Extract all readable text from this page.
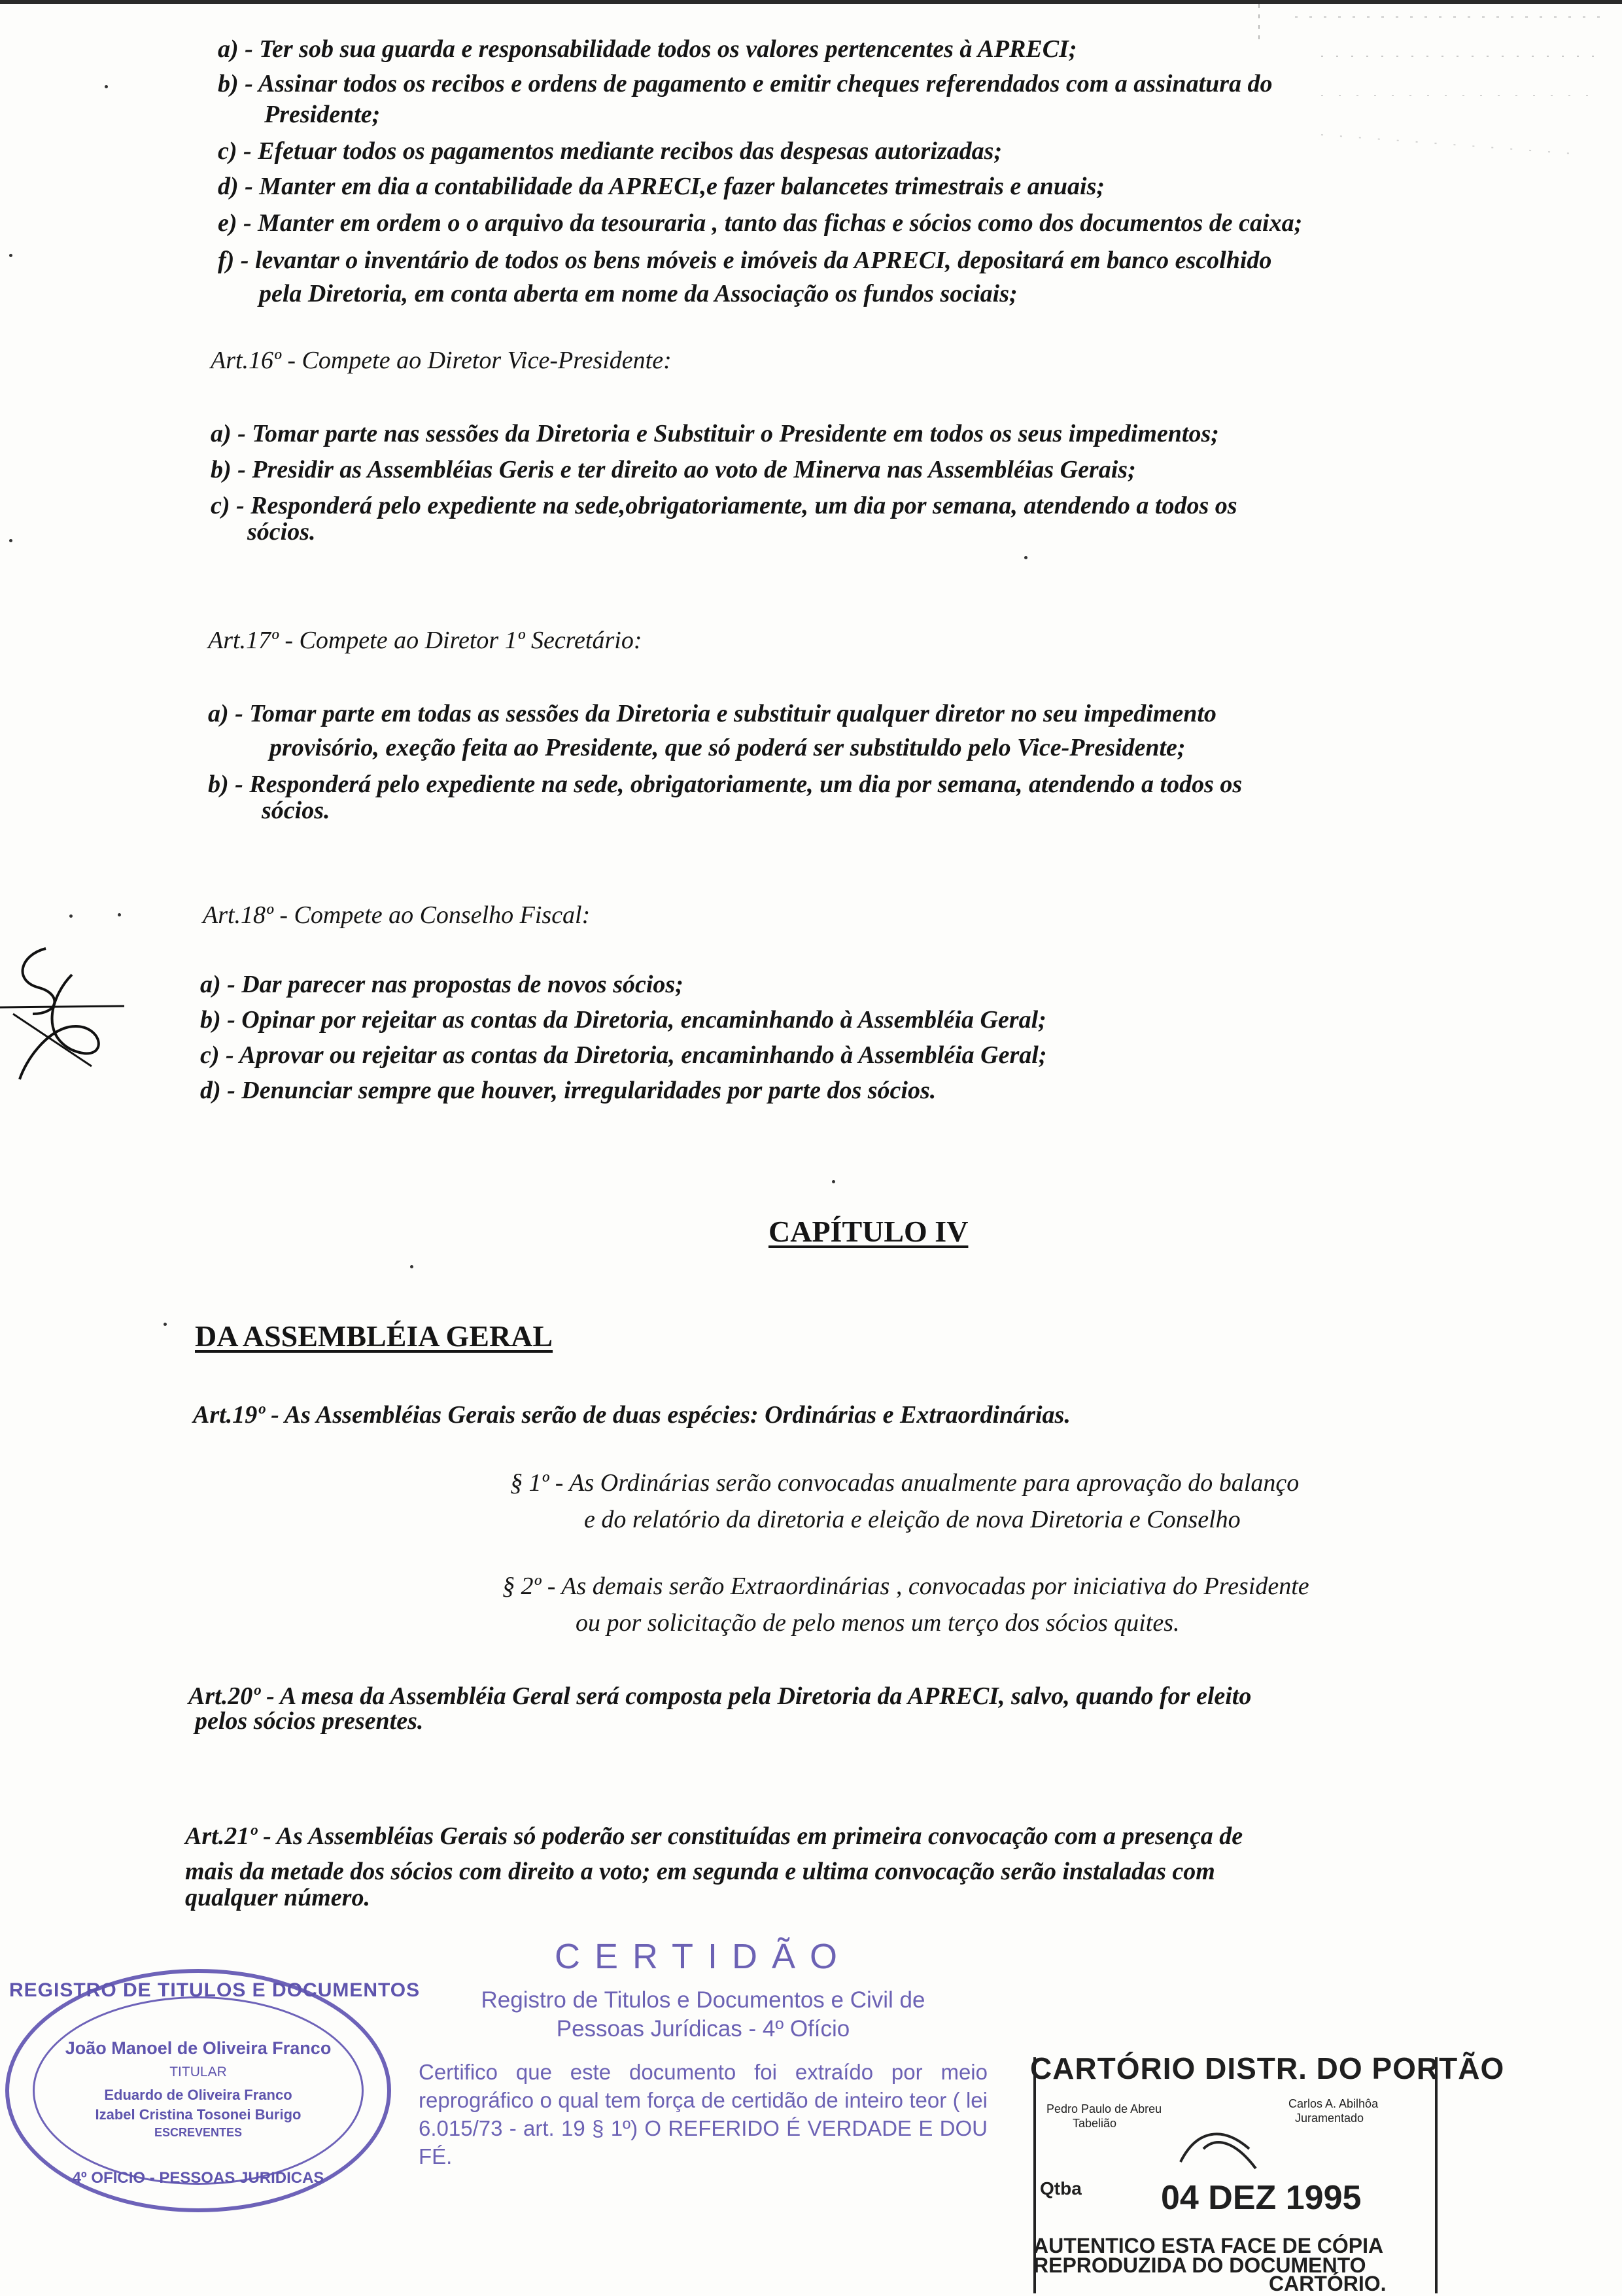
a) - Ter sob sua guarda e responsabilidade todos os valores pertencentes à APRECI;
b) - Assinar todos os recibos e ordens de pagamento e emitir cheques referendados com a assinatura do
Presidente;
c) - Efetuar todos os pagamentos mediante recibos das despesas autorizadas;
d) - Manter em dia a contabilidade da APRECI,e fazer balancetes trimestrais e anuais;
e) - Manter em ordem o o arquivo da tesouraria , tanto das fichas e sócios como dos documentos de caixa;
f) - levantar o inventário de todos os bens móveis e imóveis da APRECI, depositará em banco escolhido
pela Diretoria, em conta aberta em nome da Associação os fundos sociais;
Art.16º - Compete ao Diretor Vice-Presidente:
a) - Tomar parte nas sessões da Diretoria e Substituir o Presidente em todos os seus impedimentos;
b) - Presidir as Assembléias Geris e ter direito ao voto de Minerva nas Assembléias Gerais;
c) - Responderá pelo expediente na sede,obrigatoriamente, um dia por semana, atendendo a todos os
sócios.
Art.17º - Compete ao Diretor 1º Secretário:
a) - Tomar parte em todas as sessões da Diretoria e substituir qualquer diretor no seu impedimento
provisório, exeção feita ao Presidente, que só poderá ser substituldo pelo Vice-Presidente;
b) - Responderá pelo expediente na sede, obrigatoriamente, um dia por semana, atendendo a todos os
sócios.
Art.18º - Compete ao Conselho Fiscal:
a) - Dar parecer nas propostas de novos sócios;
b) - Opinar por rejeitar as contas da Diretoria, encaminhando à Assembléia Geral;
c) - Aprovar ou rejeitar as contas da Diretoria, encaminhando à Assembléia Geral;
d) - Denunciar sempre que houver, irregularidades por parte dos sócios.
CAPÍTULO IV
DA ASSEMBLÉIA GERAL
Art.19º - As Assembléias Gerais serão de duas espécies: Ordinárias e Extraordinárias.
§ 1º - As Ordinárias serão convocadas anualmente para aprovação do balanço
e do relatório da diretoria e eleição de nova Diretoria e Conselho
§ 2º - As demais serão Extraordinárias , convocadas por iniciativa do Presidente
ou por solicitação de pelo menos um terço dos sócios quites.
Art.20º - A mesa da Assembléia Geral será composta pela Diretoria da APRECI, salvo, quando for eleito
pelos sócios presentes.
Art.21º - As Assembléias Gerais só poderão ser constituídas em primeira convocação com a presença de
mais da metade dos sócios com direito a voto; em segunda e ultima convocação serão instaladas com
qualquer número.
REGISTRO DE TITULOS E DOCUMENTOS
João Manoel de Oliveira Franco
TITULAR
Eduardo de Oliveira Franco
Izabel Cristina Tosonei Burigo
ESCREVENTES
4º OFICIO - PESSOAS JURIDICAS
CERTIDÃO
Registro de Titulos e Documentos e Civil de
Pessoas Jurídicas - 4º Ofício
Certifico que este documento foi extraído por meio reprográfico o qual tem força de certidão de inteiro teor ( lei 6.015/73 - art. 19 § 1º) O REFERIDO É VERDADE E DOU FÉ.
CARTÓRIO DISTR. DO PORTÃO
Pedro Paulo de Abreu
Tabelião
Carlos A. Abilhôa
Juramentado
Qtba 04 DEZ 1995
AUTENTICO ESTA FACE DE CÓPIA
REPRODUZIDA DO DOCUMENTO
CARTÓRIO.
